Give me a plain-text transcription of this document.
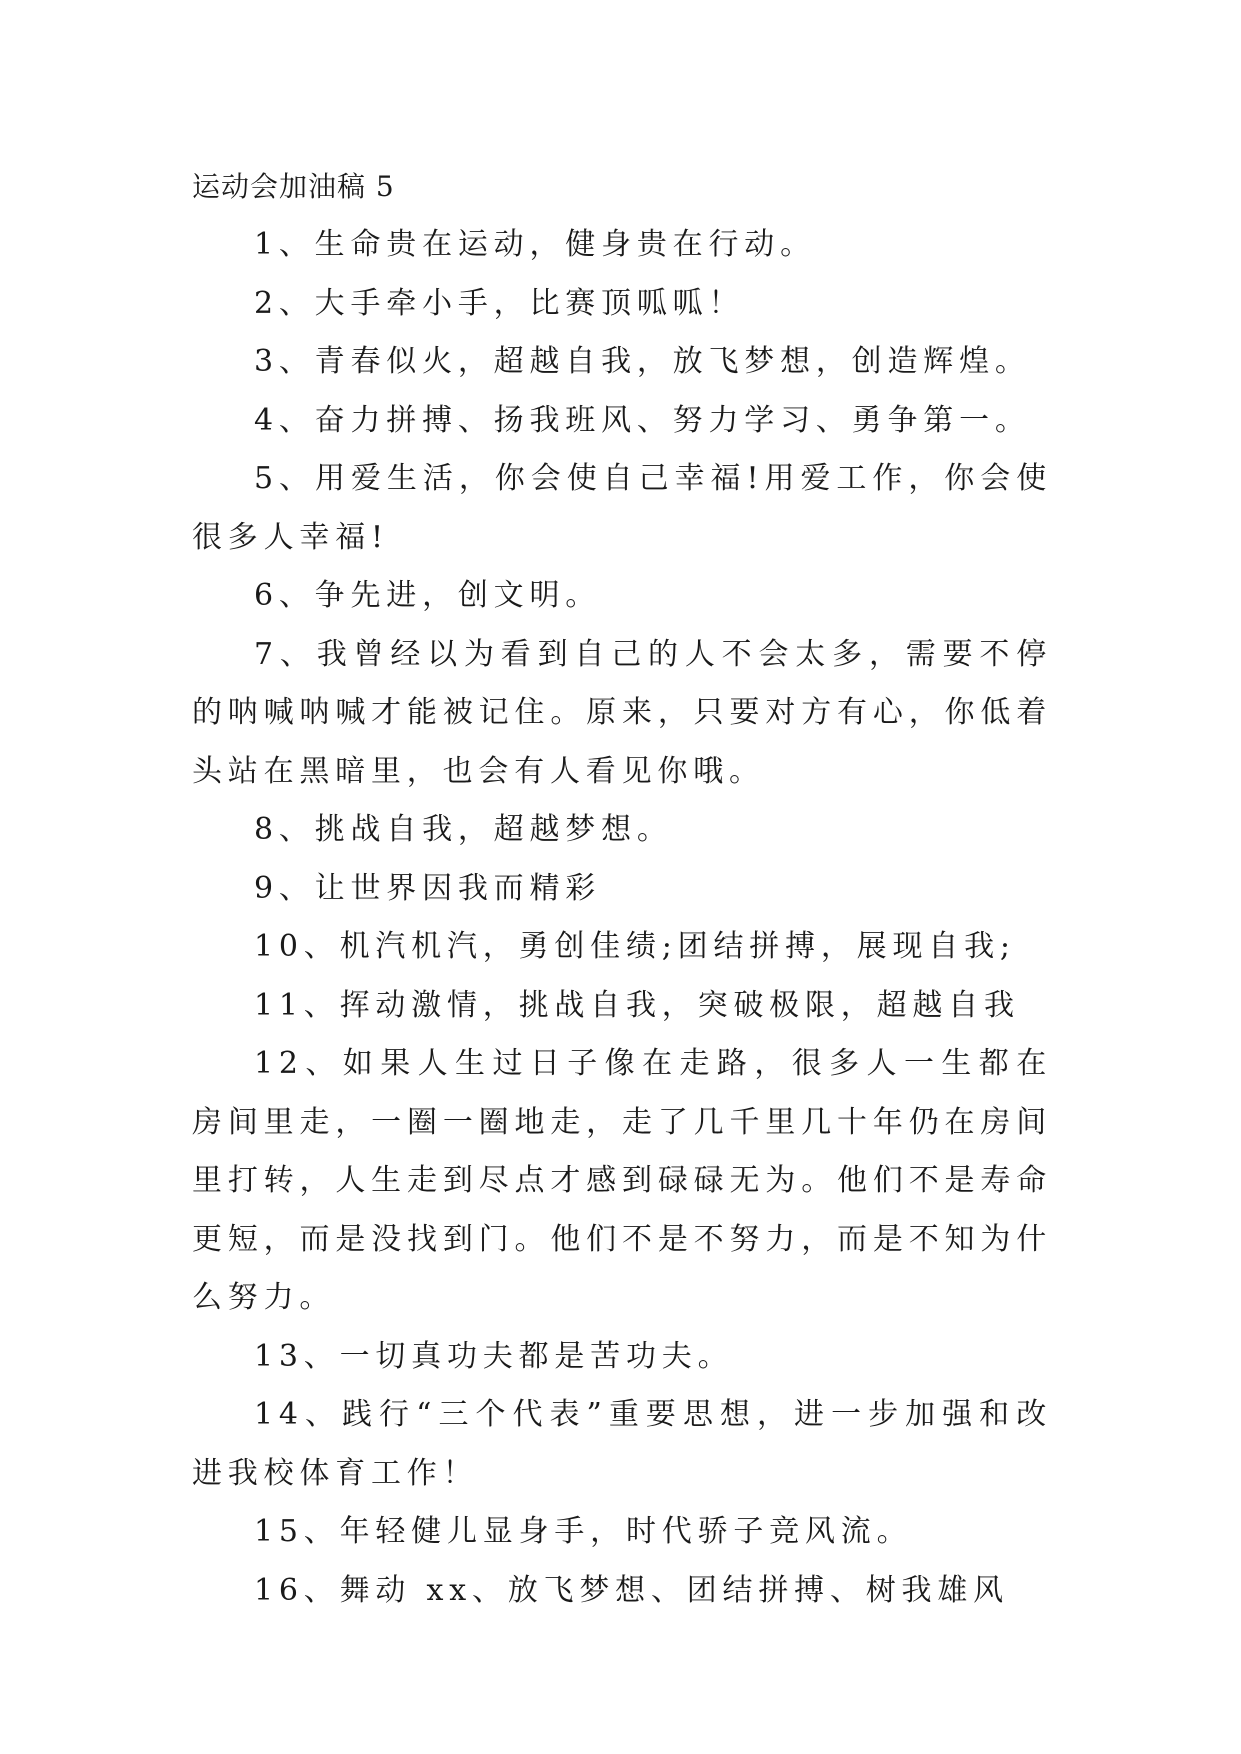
运动会加油稿 5

1、生命贵在运动，健身贵在行动。

2、大手牵小手，比赛顶呱呱！

3、青春似火，超越自我，放飞梦想，创造辉煌。

4、奋力拼搏、扬我班风、努力学习、勇争第一。

5、用爱生活，你会使自己幸福!用爱工作，你会使很多人幸福!

6、争先进，创文明。

7、我曾经以为看到自己的人不会太多，需要不停的呐喊呐喊才能被记住。原来，只要对方有心，你低着头站在黑暗里，也会有人看见你哦。

8、挑战自我，超越梦想。

9、让世界因我而精彩

10、机汽机汽，勇创佳绩;团结拼搏，展现自我;

11、挥动激情，挑战自我，突破极限，超越自我

12、如果人生过日子像在走路，很多人一生都在房间里走，一圈一圈地走，走了几千里几十年仍在房间里打转，人生走到尽点才感到碌碌无为。他们不是寿命更短，而是没找到门。他们不是不努力，而是不知为什么努力。

13、一切真功夫都是苦功夫。

14、践行“三个代表”重要思想，进一步加强和改进我校体育工作！

15、年轻健儿显身手，时代骄子竞风流。

16、舞动 xx、放飞梦想、团结拼搏、树我雄风
